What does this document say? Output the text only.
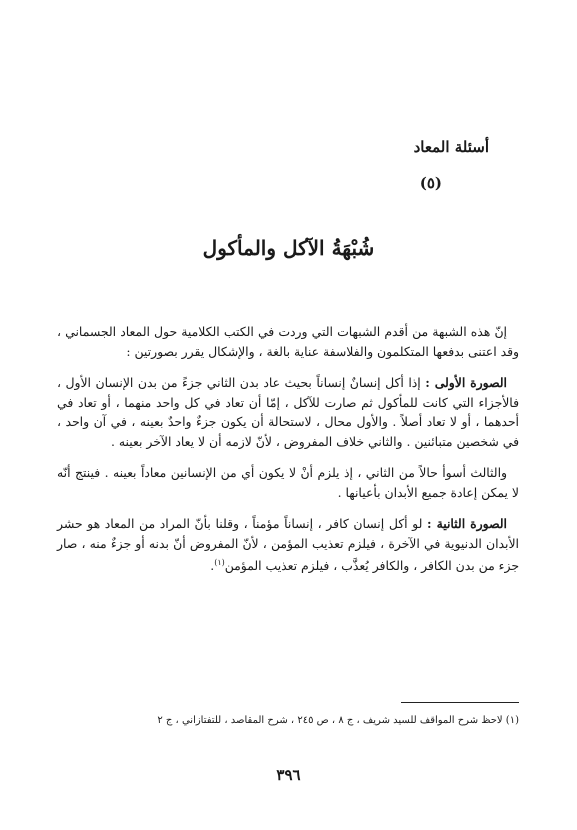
أسئلة المعاد

(٥)

شُبْهَةُ الآكل والمأكول

إنّ هذه الشبهة من أقدم الشبهات التي وردت في الكتب الكلامية حول المعاد الجسماني ، وقد اعتنى بدفعها المتكلمون والفلاسفة عناية بالغة ، والإشكال يقرر بصورتين :

الصورة الأولى : إذا أكل إنسانٌ إنساناً بحيث عاد بدن الثاني جزءً من بدن الإنسان الأول ، فالأجزاء التي كانت للمأكول ثم صارت للآكل ، إمّا أن تعاد في كل واحد منهما ، أو تعاد في أحدهما ، أو لا تعاد أصلاً . والأول محال ، لاستحالة أن يكون جزءٌ واحدٌ بعينه ، في آن واحد ، في شخصين متبائنين . والثاني خلاف المفروض ، لأنّ لازمه أن لا يعاد الآخر بعينه .

والثالث أسوأ حالاً من الثاني ، إذ يلزم أنْ لا يكون أي من الإنسانين معاداً بعينه . فينتج أنّه لا يمكن إعادة جميع الأبدان بأعيانها .

الصورة الثانية : لو أكل إنسان كافر ، إنساناً مؤمناً ، وقلنا بأنّ المراد من المعاد هو حشر الأبدان الدنيوية في الآخرة ، فيلزم تعذيب المؤمن ، لأنّ المفروض أنّ بدنه أو جزءٌ منه ، صار جزء من بدن الكافر ، والكافر يُعذَّب ، فيلزم تعذيب المؤمن$^{(١)}$.

(١) لاحظ شرح المواقف للسيد شريف ، ج ٨ ، ص ٢٤٥ ، شرح المقاصد ، للتفتازاني ، ج ٢

٣٩٦
